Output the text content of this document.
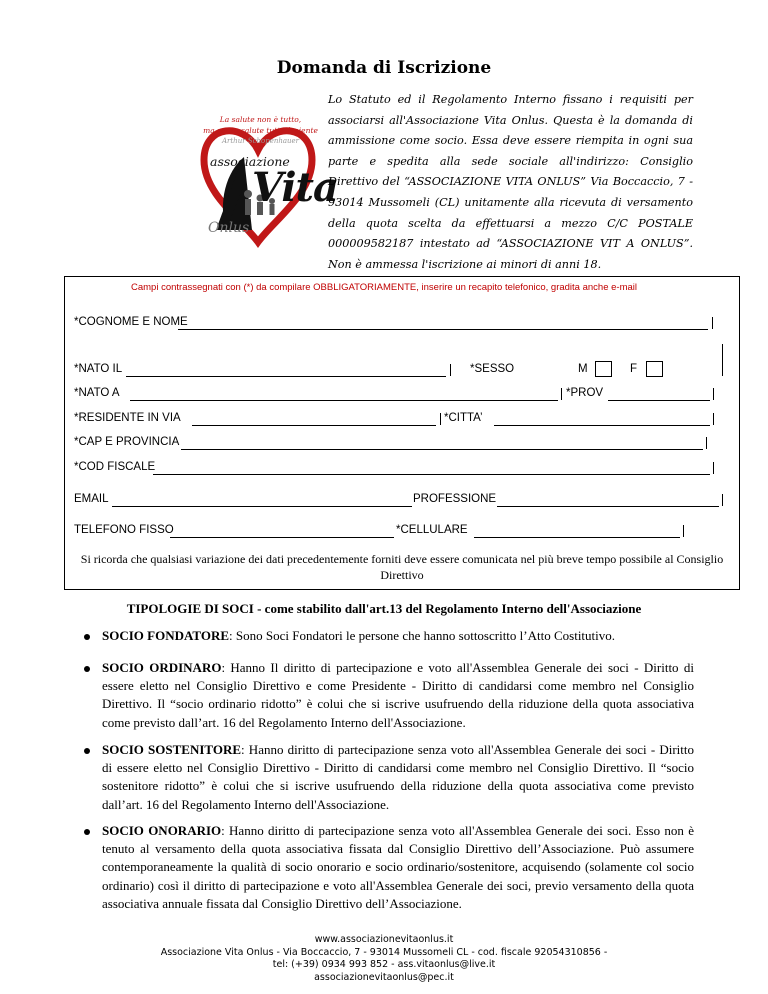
Domanda di Iscrizione
La salute non è tutto,
ma senza salute tutto è niente
Arthur Schopenhauer
associazione
Vita
Onlus
Lo Statuto ed il Regolamento Interno fissano i requisiti per associarsi all'Associazione Vita Onlus. Questa è la domanda di ammissione come socio. Essa deve essere riempita in ogni sua parte e spedita alla sede sociale all'indirizzo: Consiglio Direttivo del “ASSOCIAZIONE VITA ONLUS” Via Boccaccio, 7 - 93014 Mussomeli (CL) unitamente alla ricevuta di versamento della quota scelta da effettuarsi a mezzo C/C POSTALE 000009582187 intestato ad “ASSOCIAZIONE VIT A ONLUS”. Non è ammessa l'iscrizione ai minori di anni 18.
Campi contrassegnati con (*) da compilare OBBLIGATORIAMENTE, inserire un recapito telefonico, gradita anche e-mail
*COGNOME E NOME
*NATO IL	*SESSO	M	F
*NATO A	*PROV
*RESIDENTE IN VIA	*CITTA’
*CAP E PROVINCIA
*COD FISCALE
EMAIL	PROFESSIONE
TELEFONO FISSO	*CELLULARE
Si ricorda che qualsiasi variazione dei dati precedentemente forniti deve essere comunicata nel più breve tempo possibile al Consiglio Direttivo
TIPOLOGIE DI SOCI - come stabilito dall'art.13 del Regolamento Interno dell'Associazione
SOCIO FONDATORE: Sono Soci Fondatori le persone che hanno sottoscritto l’Atto Costitutivo.
SOCIO ORDINARO: Hanno Il diritto di partecipazione e voto all'Assemblea Generale dei soci - Diritto di essere eletto nel Consiglio Direttivo e come Presidente - Diritto di candidarsi come membro nel Consiglio Direttivo. Il “socio ordinario ridotto” è colui che si iscrive usufruendo della riduzione della quota associativa come previsto dall’art. 16 del Regolamento Interno dell'Associazione.
SOCIO SOSTENITORE: Hanno diritto di partecipazione senza voto all'Assemblea Generale dei soci - Diritto di essere eletto nel Consiglio Direttivo - Diritto di candidarsi come membro nel Consiglio Direttivo. Il “socio sostenitore ridotto” è colui che si iscrive usufruendo della riduzione della quota associativa come previsto dall’art. 16 del Regolamento Interno dell'Associazione.
SOCIO ONORARIO: Hanno diritto di partecipazione senza voto all'Assemblea Generale dei soci. Esso non è tenuto al versamento della quota associativa fissata dal Consiglio Direttivo dell’Associazione. Può assumere contemporaneamente la qualità di socio onorario e socio ordinario/sostenitore, acquisendo (solamente col socio ordinario) così il diritto di partecipazione e voto all'Assemblea Generale dei soci, previo versamento della quota associativa annuale fissata dal Consiglio Direttivo dell’Associazione.
www.associazionevitaonlus.it
Associazione Vita Onlus - Via Boccaccio, 7 - 93014 Mussomeli CL - cod. fiscale 92054310856 -
tel: (+39) 0934 993 852 - ass.vitaonlus@live.it
associazionevitaonlus@pec.it
